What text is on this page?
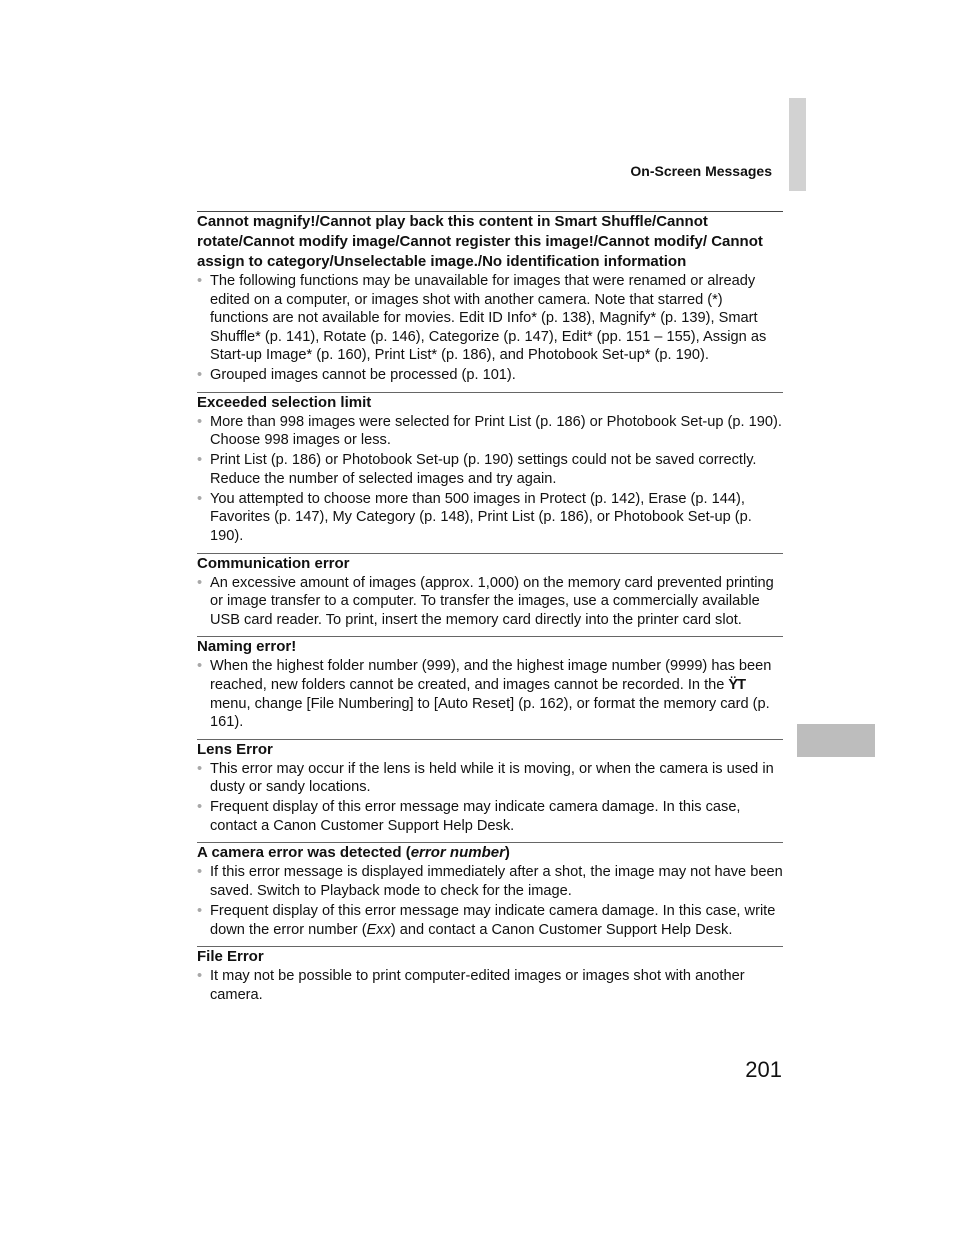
On-Screen Messages
Cannot magnify!/Cannot play back this content in Smart Shuffle/Cannot rotate/Cannot modify image/Cannot register this image!/Cannot modify/ Cannot assign to category/Unselectable image./No identification information
• The following functions may be unavailable for images that were renamed or already edited on a computer, or images shot with another camera. Note that starred (*) functions are not available for movies. Edit ID Info* (p. 138), Magnify* (p. 139), Smart Shuffle* (p. 141), Rotate (p. 146), Categorize (p. 147), Edit* (pp. 151 – 155), Assign as Start-up Image* (p. 160), Print List* (p. 186), and Photobook Set-up* (p. 190).
• Grouped images cannot be processed (p. 101).
Exceeded selection limit
• More than 998 images were selected for Print List (p. 186) or Photobook Set-up (p. 190). Choose 998 images or less.
• Print List (p. 186) or Photobook Set-up (p. 190) settings could not be saved correctly. Reduce the number of selected images and try again.
• You attempted to choose more than 500 images in Protect (p. 142), Erase (p. 144), Favorites (p. 147), My Category (p. 148), Print List (p. 186), or Photobook Set-up (p. 190).
Communication error
• An excessive amount of images (approx. 1,000) on the memory card prevented printing or image transfer to a computer. To transfer the images, use a commercially available USB card reader. To print, insert the memory card directly into the printer card slot.
Naming error!
• When the highest folder number (999), and the highest image number (9999) has been reached, new folders cannot be created, and images cannot be recorded. In the ŸΤ menu, change [File Numbering] to [Auto Reset] (p. 162), or format the memory card (p. 161).
Lens Error
• This error may occur if the lens is held while it is moving, or when the camera is used in dusty or sandy locations.
• Frequent display of this error message may indicate camera damage. In this case, contact a Canon Customer Support Help Desk.
A camera error was detected (error number)
• If this error message is displayed immediately after a shot, the image may not have been saved. Switch to Playback mode to check for the image.
• Frequent display of this error message may indicate camera damage. In this case, write down the error number (Exx) and contact a Canon Customer Support Help Desk.
File Error
• It may not be possible to print computer-edited images or images shot with another camera.
201
